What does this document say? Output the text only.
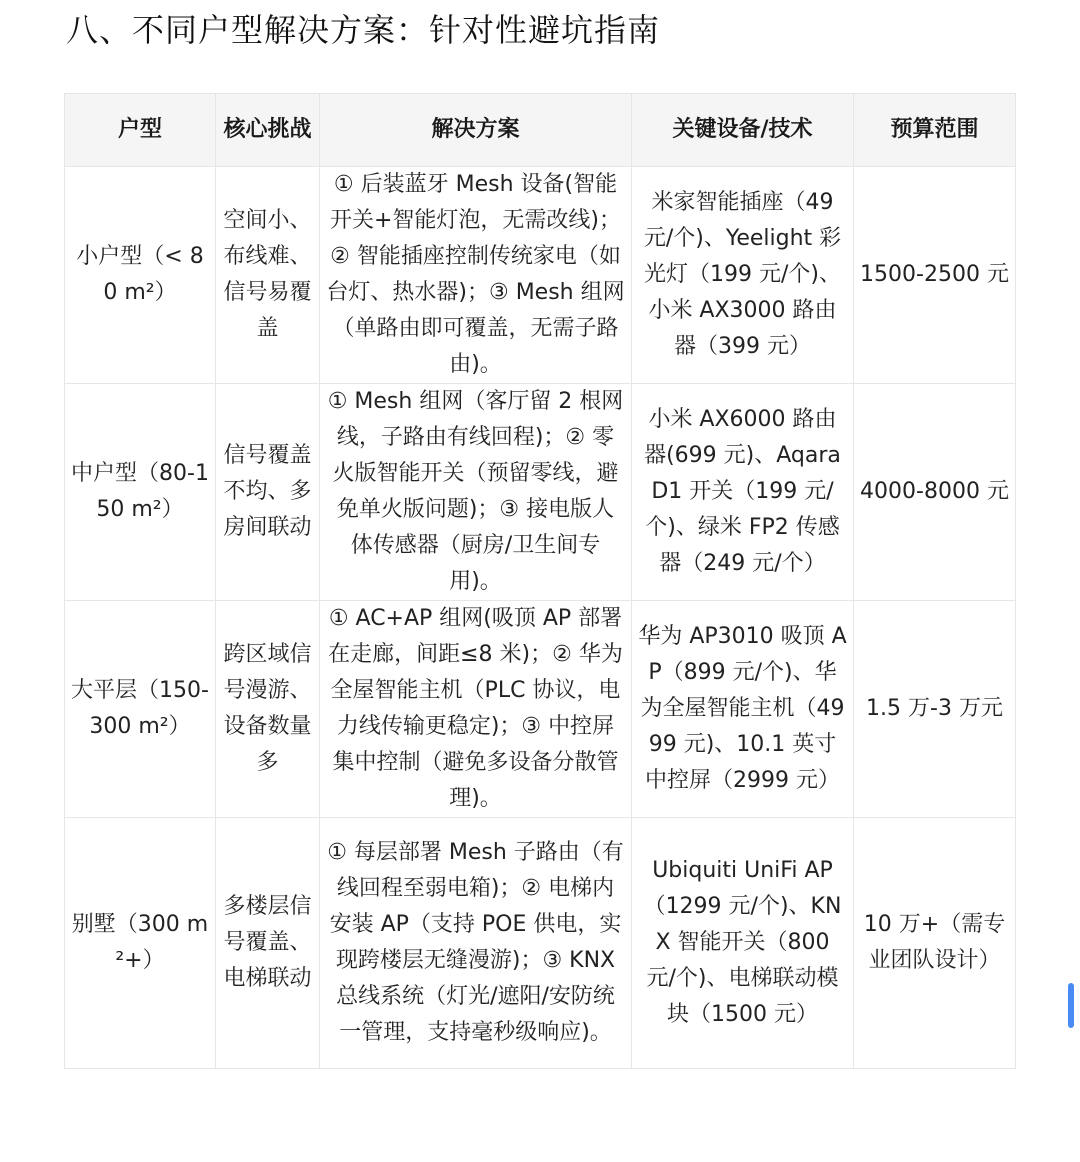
八、不同户型解决方案：针对性避坑指南
户型	核心挑战	解决方案	关键设备/技术	预算范围
小户型（< 80 m²）	空间小、布线难、信号易覆盖	① 后装蓝牙 Mesh 设备(智能开关+智能灯泡，无需改线)；② 智能插座控制传统家电（如台灯、热水器)；③ Mesh 组网（单路由即可覆盖，无需子路由)。	米家智能插座（49 元/个)、Yeelight 彩光灯（199 元/个)、小米 AX3000 路由器（399 元）	1500-2500 元
中户型（80-150 m²）	信号覆盖不均、多房间联动	① Mesh 组网（客厅留 2 根网线，子路由有线回程)；② 零火版智能开关（预留零线，避免单火版问题)；③ 接电版人体传感器（厨房/卫生间专用)。	小米 AX6000 路由器(699 元)、Aqara D1 开关（199 元/个)、绿米 FP2 传感器（249 元/个）	4000-8000 元
大平层（150-300 m²）	跨区域信号漫游、设备数量多	① AC+AP 组网(吸顶 AP 部署在走廊，间距≤8 米)；② 华为全屋智能主机（PLC 协议，电力线传输更稳定)；③ 中控屏集中控制（避免多设备分散管理)。	华为 AP3010 吸顶 AP（899 元/个)、华为全屋智能主机（4999 元)、10.1 英寸中控屏（2999 元）	1.5 万-3 万元
别墅（300 m²+）	多楼层信号覆盖、电梯联动	① 每层部署 Mesh 子路由（有线回程至弱电箱)；② 电梯内安装 AP（支持 POE 供电，实现跨楼层无缝漫游)；③ KNX 总线系统（灯光/遮阳/安防统一管理，支持毫秒级响应)。	Ubiquiti UniFi AP（1299 元/个)、KNX 智能开关（800 元/个)、电梯联动模块（1500 元）	10 万+（需专业团队设计）
